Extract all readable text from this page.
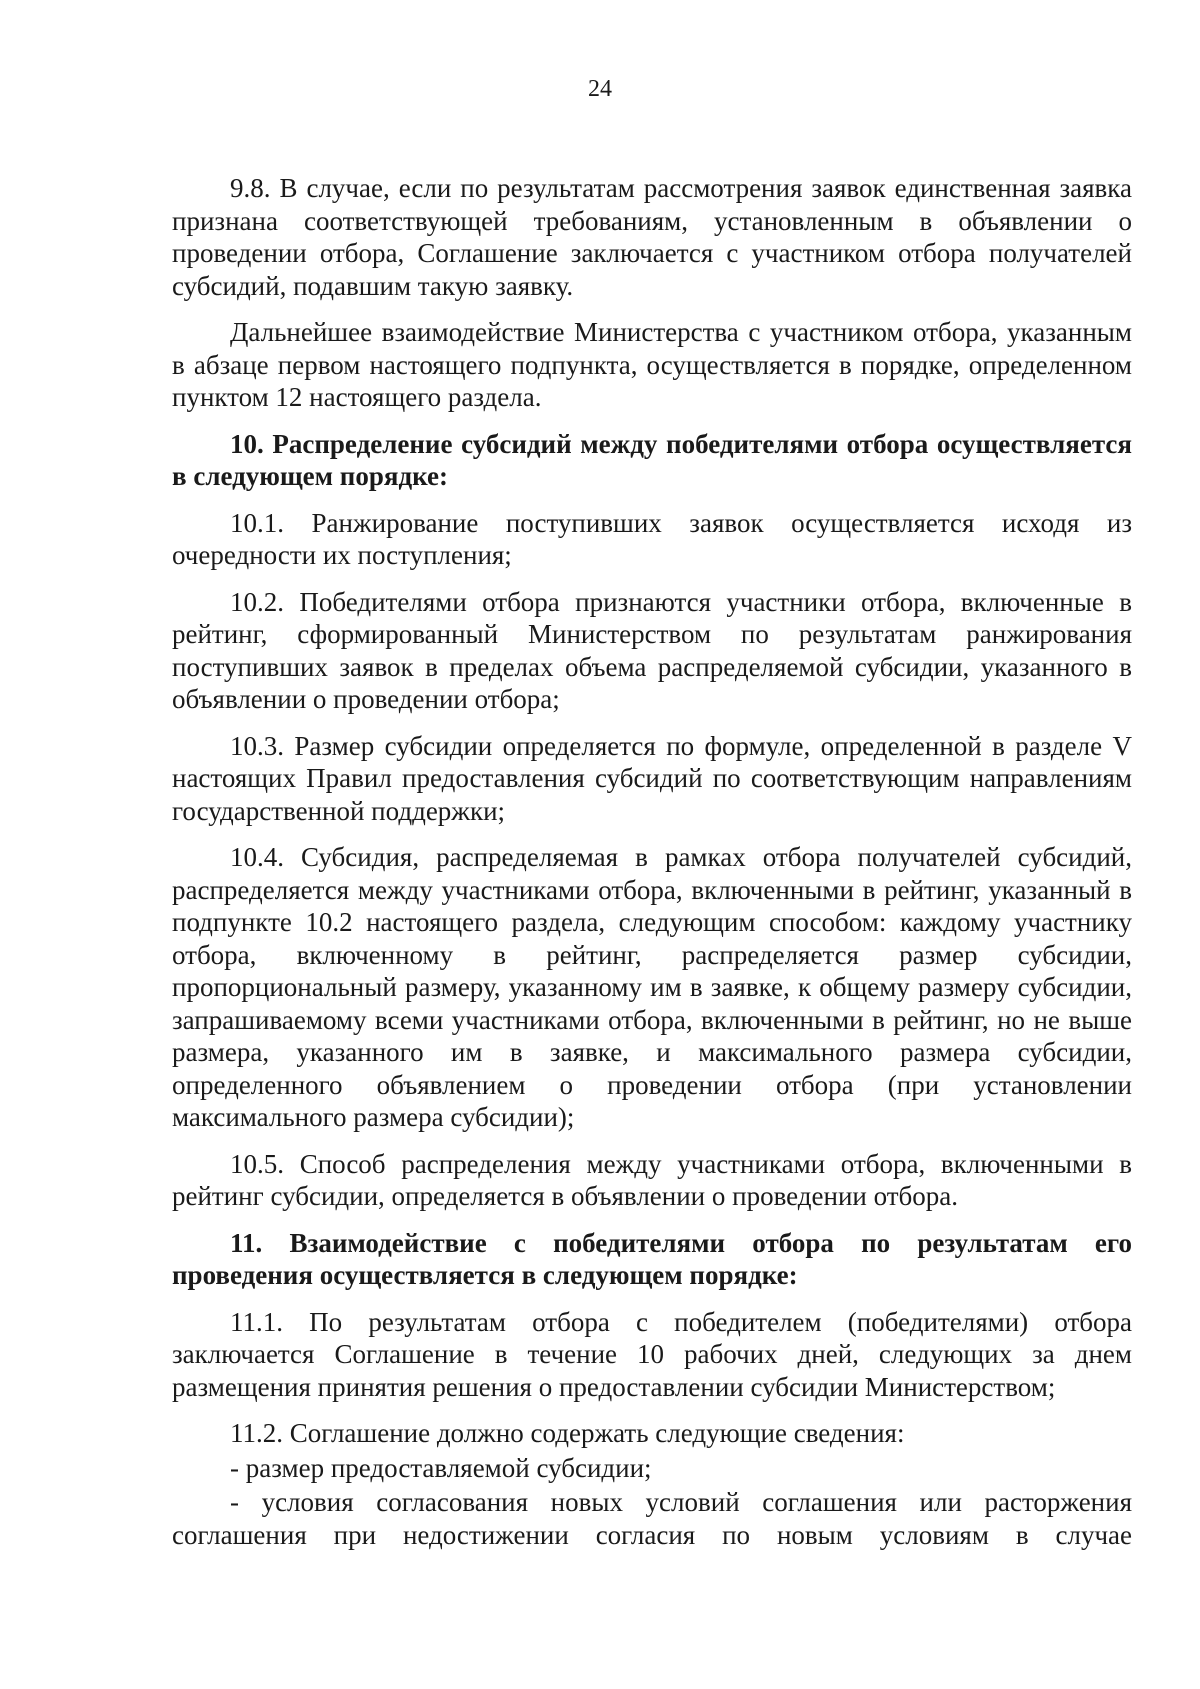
24

9.8. В случае, если по результатам рассмотрения заявок единственная заявка признана соответствующей требованиям, установленным в объявлении о проведении отбора, Соглашение заключается с участником отбора получателей субсидий, подавшим такую заявку.

Дальнейшее взаимодействие Министерства с участником отбора, указанным в абзаце первом настоящего подпункта, осуществляется в порядке, определенном пунктом 12 настоящего раздела.

10. Распределение субсидий между победителями отбора осуществляется в следующем порядке:

10.1. Ранжирование поступивших заявок осуществляется исходя из очередности их поступления;

10.2. Победителями отбора признаются участники отбора, включенные в рейтинг, сформированный Министерством по результатам ранжирования поступивших заявок в пределах объема распределяемой субсидии, указанного в объявлении о проведении отбора;

10.3. Размер субсидии определяется по формуле, определенной в разделе V настоящих Правил предоставления субсидий по соответствующим направлениям государственной поддержки;

10.4. Субсидия, распределяемая в рамках отбора получателей субсидий, распределяется между участниками отбора, включенными в рейтинг, указанный в подпункте 10.2 настоящего раздела, следующим способом: каждому участнику отбора, включенному в рейтинг, распределяется размер субсидии, пропорциональный размеру, указанному им в заявке, к общему размеру субсидии, запрашиваемому всеми участниками отбора, включенными в рейтинг, но не выше размера, указанного им в заявке, и максимального размера субсидии, определенного объявлением о проведении отбора (при установлении максимального размера субсидии);

10.5. Способ распределения между участниками отбора, включенными в рейтинг субсидии, определяется в объявлении о проведении отбора.

11. Взаимодействие с победителями отбора по результатам его проведения осуществляется в следующем порядке:

11.1. По результатам отбора с победителем (победителями) отбора заключается Соглашение в течение 10 рабочих дней, следующих за днем размещения принятия решения о предоставлении субсидии Министерством;

11.2. Соглашение должно содержать следующие сведения:

- размер предоставляемой субсидии;

- условия согласования новых условий соглашения или расторжения соглашения при недостижении согласия по новым условиям в случае
